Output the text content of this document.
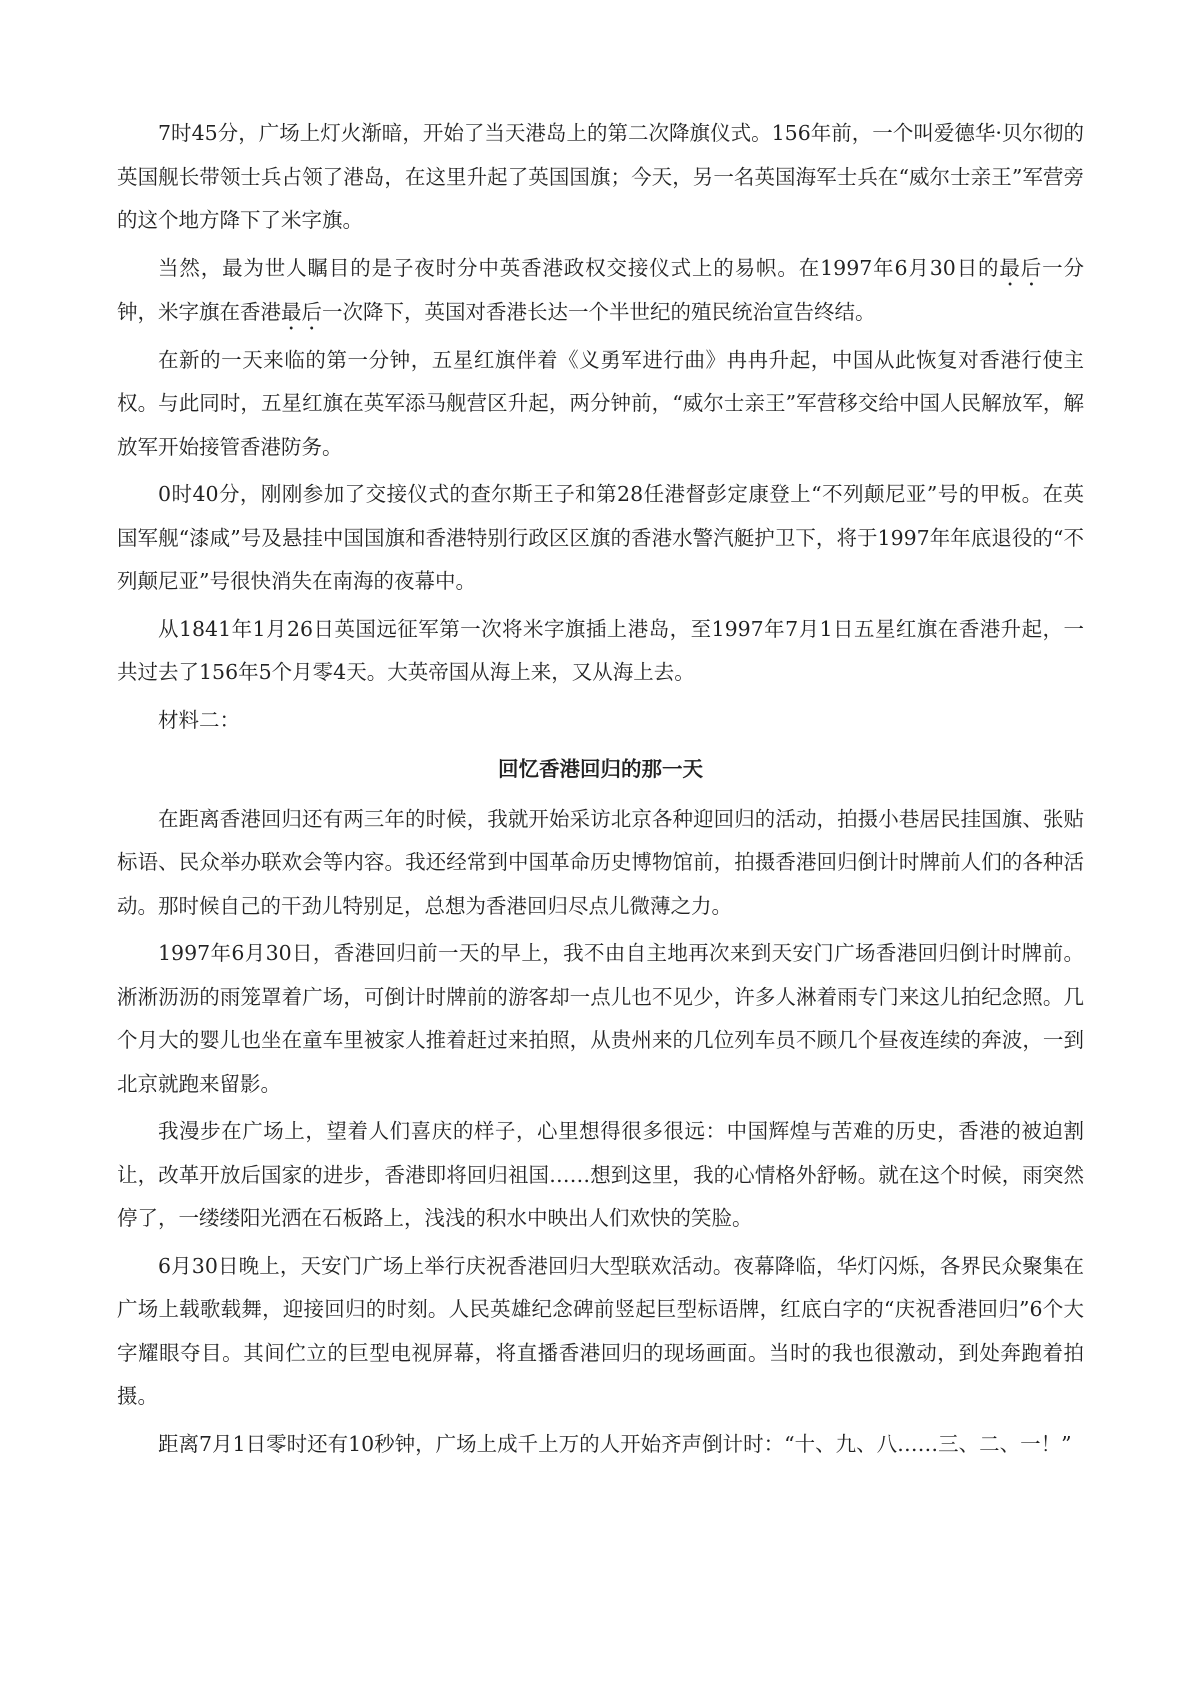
7时45分，广场上灯火渐暗，开始了当天港岛上的第二次降旗仪式。156年前，一个叫爱德华·贝尔彻的英国舰长带领士兵占领了港岛，在这里升起了英国国旗；今天，另一名英国海军士兵在“威尔士亲王”军营旁的这个地方降下了米字旗。

当然，最为世人瞩目的是子夜时分中英香港政权交接仪式上的易帜。在1997年6月30日的最后一分钟，米字旗在香港最后一次降下，英国对香港长达一个半世纪的殖民统治宣告终结。

在新的一天来临的第一分钟，五星红旗伴着《义勇军进行曲》冉冉升起，中国从此恢复对香港行使主权。与此同时，五星红旗在英军添马舰营区升起，两分钟前，“威尔士亲王”军营移交给中国人民解放军，解放军开始接管香港防务。

0时40分，刚刚参加了交接仪式的查尔斯王子和第28任港督彭定康登上“不列颠尼亚”号的甲板。在英国军舰“漆咸”号及悬挂中国国旗和香港特别行政区区旗的香港水警汽艇护卫下，将于1997年年底退役的“不列颠尼亚”号很快消失在南海的夜幕中。

从1841年1月26日英国远征军第一次将米字旗插上港岛，至1997年7月1日五星红旗在香港升起，一共过去了156年5个月零4天。大英帝国从海上来，又从海上去。

材料二：

回忆香港回归的那一天

在距离香港回归还有两三年的时候，我就开始采访北京各种迎回归的活动，拍摄小巷居民挂国旗、张贴标语、民众举办联欢会等内容。我还经常到中国革命历史博物馆前，拍摄香港回归倒计时牌前人们的各种活动。那时候自己的干劲儿特别足，总想为香港回归尽点儿微薄之力。

1997年6月30日，香港回归前一天的早上，我不由自主地再次来到天安门广场香港回归倒计时牌前。淅淅沥沥的雨笼罩着广场，可倒计时牌前的游客却一点儿也不见少，许多人淋着雨专门来这儿拍纪念照。几个月大的婴儿也坐在童车里被家人推着赶过来拍照，从贵州来的几位列车员不顾几个昼夜连续的奔波，一到北京就跑来留影。

我漫步在广场上，望着人们喜庆的样子，心里想得很多很远：中国辉煌与苦难的历史，香港的被迫割让，改革开放后国家的进步，香港即将回归祖国……想到这里，我的心情格外舒畅。就在这个时候，雨突然停了，一缕缕阳光洒在石板路上，浅浅的积水中映出人们欢快的笑脸。

6月30日晚上，天安门广场上举行庆祝香港回归大型联欢活动。夜幕降临，华灯闪烁，各界民众聚集在广场上载歌载舞，迎接回归的时刻。人民英雄纪念碑前竖起巨型标语牌，红底白字的“庆祝香港回归”6个大字耀眼夺目。其间伫立的巨型电视屏幕，将直播香港回归的现场画面。当时的我也很激动，到处奔跑着拍摄。

距离7月1日零时还有10秒钟，广场上成千上万的人开始齐声倒计时：“十、九、八……三、二、一！”
